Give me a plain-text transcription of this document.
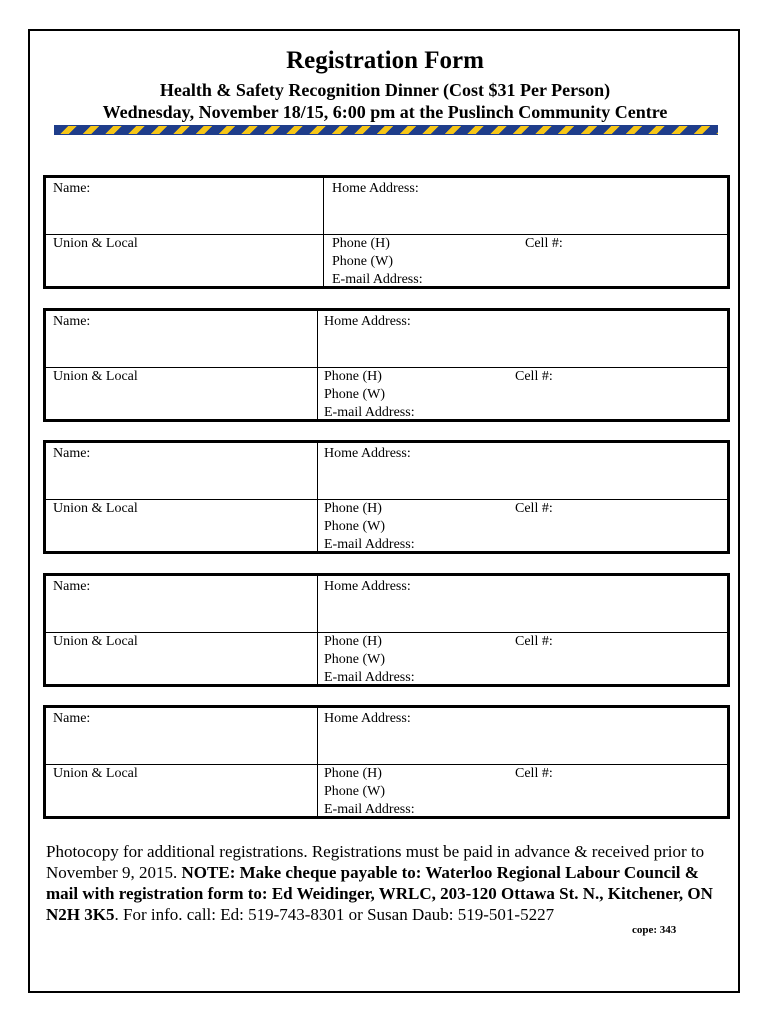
Registration Form
Health & Safety Recognition Dinner (Cost $31 Per Person)
Wednesday, November 18/15, 6:00 pm at the Puslinch Community Centre
Name:	Home Address:
Union & Local	Phone (H)	Cell #:
Phone (W)
E-mail Address:
Name:	Home Address:
Union & Local	Phone (H)	Cell #:
Phone (W)
E-mail Address:
Name:	Home Address:
Union & Local	Phone (H)	Cell #:
Phone (W)
E-mail Address:
Name:	Home Address:
Union & Local	Phone (H)	Cell #:
Phone (W)
E-mail Address:
Name:	Home Address:
Union & Local	Phone (H)	Cell #:
Phone (W)
E-mail Address:
Photocopy for additional registrations. Registrations must be paid in advance & received prior to November 9, 2015. NOTE: Make cheque payable to: Waterloo Regional Labour Council & mail with registration form to: Ed Weidinger, WRLC, 203-120 Ottawa St. N., Kitchener, ON N2H 3K5. For info. call: Ed: 519-743-8301 or Susan Daub: 519-501-5227
cope: 343
